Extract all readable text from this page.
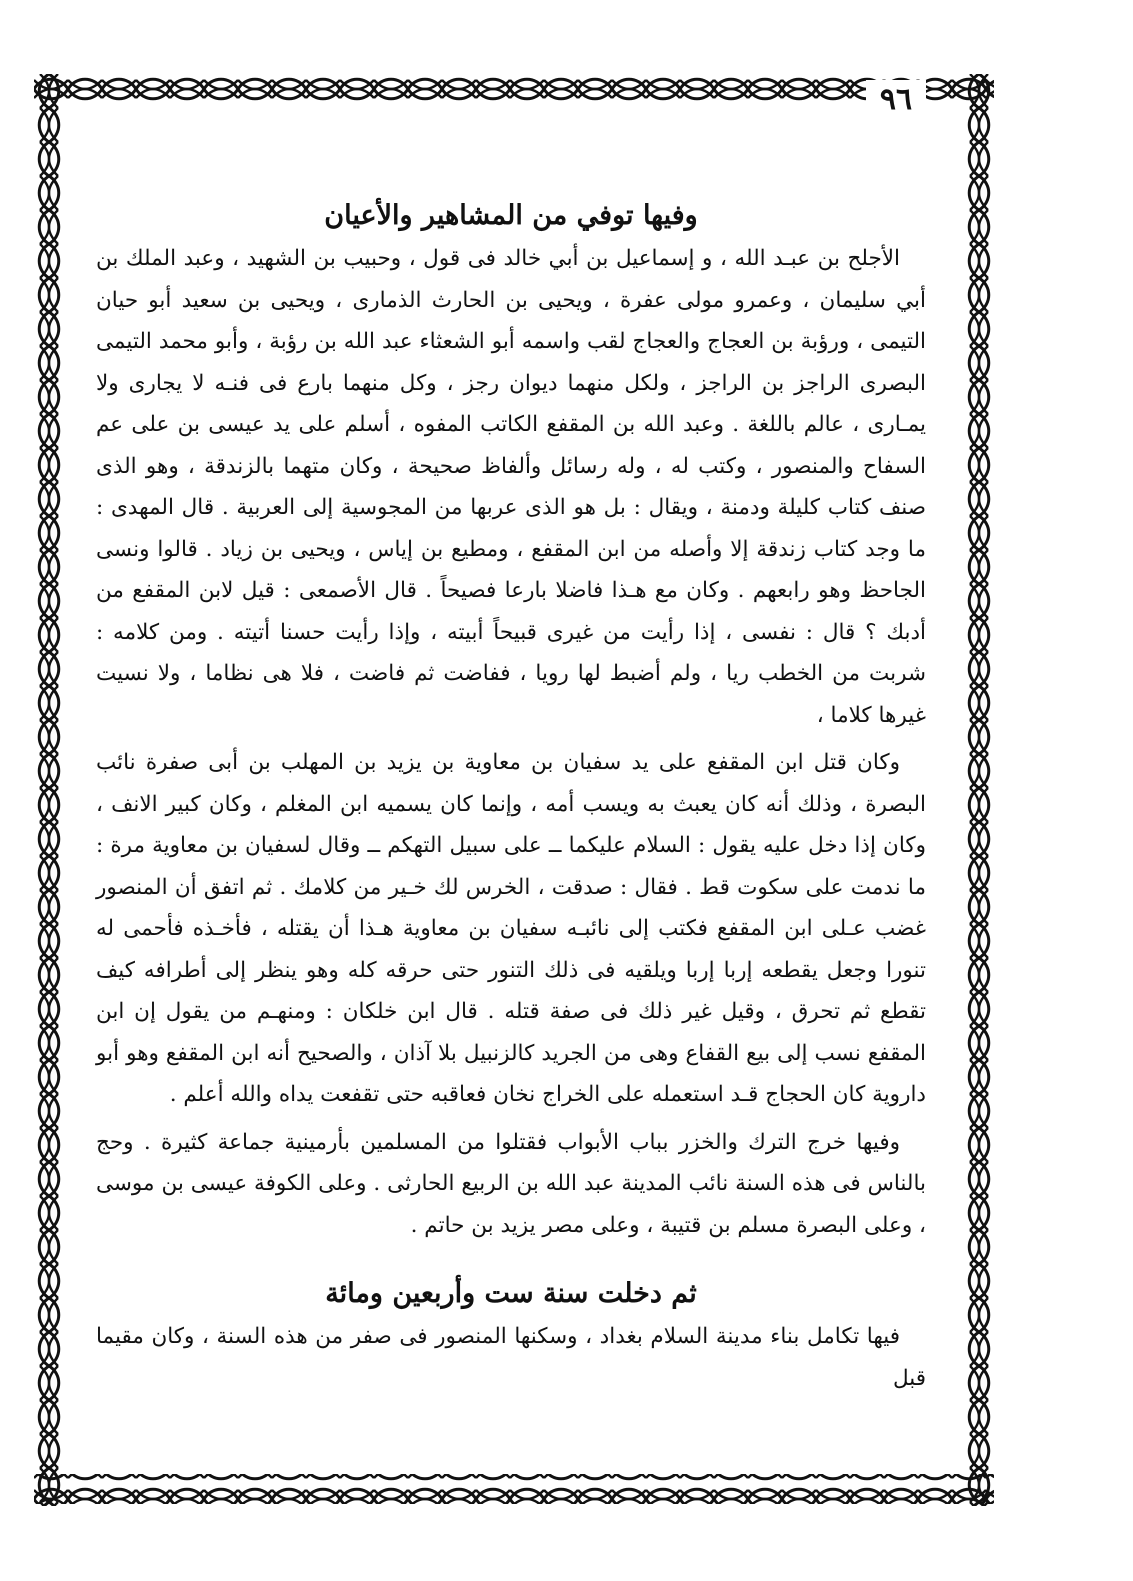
٩٦
وفيها توفي من المشاهير والأعيان

الأجلح بن عبـد الله ، و إسماعيل بن أبي خالد فى قول ، وحبيب بن الشهيد ، وعبد الملك بن أبي سليمان ، وعمرو مولى عفرة ، ويحيى بن الحارث الذمارى ، ويحيى بن سعيد أبو حيان التيمى ، ورؤبة بن العجاج والعجاج لقب واسمه أبو الشعثاء عبد الله بن رؤبة ، وأبو محمد التيمى البصرى الراجز بن الراجز ، ولكل منهما ديوان رجز ، وكل منهما بارع فى فنـه لا يجارى ولا يمـارى ، عالم باللغة . وعبد الله بن المقفع الكاتب المفوه ، أسلم على يد عيسى بن على عم السفاح والمنصور ، وكتب له ، وله رسائل وألفاظ صحيحة ، وكان متهما بالزندقة ، وهو الذى صنف كتاب كليلة ودمنة ، ويقال : بل هو الذى عربها من المجوسية إلى العربية . قال المهدى : ما وجد كتاب زندقة إلا وأصله من ابن المقفع ، ومطيع بن إياس ، ويحيى بن زياد . قالوا ونسى الجاحظ وهو رابعهم . وكان مع هـذا فاضلا بارعا فصيحاً . قال الأصمعى : قيل لابن المقفع من أدبك ؟ قال : نفسى ، إذا رأيت من غيرى قبيحاً أبيته ، وإذا رأيت حسنا أتيته . ومن كلامه : شربت من الخطب ريا ، ولم أضبط لها رويا ، ففاضت ثم فاضت ، فلا هى نظاما ، ولا نسيت غيرها كلاما ،

وكان قتل ابن المقفع على يد سفيان بن معاوية بن يزيد بن المهلب بن أبى صفرة نائب البصرة ، وذلك أنه كان يعبث به ويسب أمه ، وإنما كان يسميه ابن المغلم ، وكان كبير الانف ، وكان إذا دخل عليه يقول : السلام عليكما ــ على سبيل التهكم ــ وقال لسفيان بن معاوية مرة : ما ندمت على سكوت قط . فقال : صدقت ، الخرس لك خـير من كلامك . ثم اتفق أن المنصور غضب عـلى ابن المقفع فكتب إلى نائبـه سفيان بن معاوية هـذا أن يقتله ، فأخـذه فأحمى له تنورا وجعل يقطعه إربا إربا ويلقيه فى ذلك التنور حتى حرقه كله وهو ينظر إلى أطرافه كيف تقطع ثم تحرق ، وقيل غير ذلك فى صفة قتله . قال ابن خلكان : ومنهـم من يقول إن ابن المقفع نسب إلى بيع القفاع وهى من الجريد كالزنبيل بلا آذان ، والصحيح أنه ابن المقفع وهو أبو داروية كان الحجاج قـد استعمله على الخراج نخان فعاقبه حتى تقفعت يداه والله أعلم .

وفيها خرج الترك والخزر بباب الأبواب فقتلوا من المسلمين بأرمينية جماعة كثيرة . وحج بالناس فى هذه السنة نائب المدينة عبد الله بن الربيع الحارثى . وعلى الكوفة عيسى بن موسى ، وعلى البصرة مسلم بن قتيبة ، وعلى مصر يزيد بن حاتم .

ثم دخلت سنة ست وأربعين ومائة

فيها تكامل بناء مدينة السلام بغداد ، وسكنها المنصور فى صفر من هذه السنة ، وكان مقيما قبل
